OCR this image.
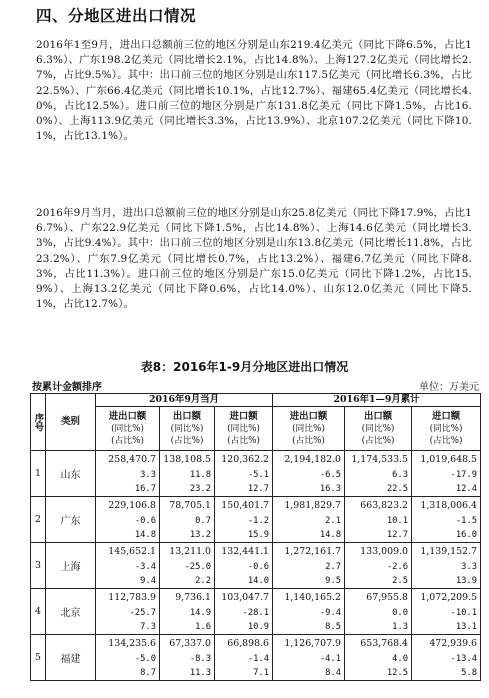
四、分地区进出口情况
2016年1至9月，进出口总额前三位的地区分别是山东219.4亿美元（同比下降6.5%，占比16.3%）、广东198.2亿美元（同比增长2.1%，占比14.8%）、上海127.2亿美元（同比增长2.7%，占比9.5%）。其中：出口前三位的地区分别是山东117.5亿美元（同比增长6.3%，占比22.5%）、广东66.4亿美元（同比增长10.1%，占比12.7%）、福建65.4亿美元（同比增长4.0%，占比12.5%）。进口前三位的地区分别是广东131.8亿美元（同比下降1.5%，占比16.0%）、上海113.9亿美元（同比增长3.3%，占比13.9%）、北京107.2亿美元（同比下降10.1%，占比13.1%）。
2016年9月当月，进出口总额前三位的地区分别是山东25.8亿美元（同比下降17.9%，占比16.7%）、广东22.9亿美元（同比下降1.5%，占比14.8%）、上海14.6亿美元（同比增长3.3%，占比9.4%）。其中：出口前三位的地区分别是山东13.8亿美元（同比增长11.8%，占比23.2%）、广东7.9亿美元（同比增长0.7%，占比13.2%）、福建6.7亿美元（同比下降8.3%，占比11.3%）。进口前三位的地区分别是广东15.0亿美元（同比下降1.2%，占比15.9%）、上海13.2亿美元（同比下降0.6%，占比14.0%）、山东12.0亿美元（同比下降5.1%，占比12.7%）。
表8：2016年1-9月分地区进出口情况
按累计金额排序	单位：万美元
序号	类别	2016年9月当月			2016年1—9月累计		

		进出口额
(同比%)
(占比%)	出口额
(同比%)
(占比%)	进口额
(同比%)
(占比%)	进出口额
(同比%)
(占比%)	出口额
(同比%)
(占比%)	进口额
(同比%)
(占比%)

1	山东	258,470.7
3.3
16.7	138,108.5
11.8
23.2	120,362.2
-5.1
12.7	2,194,182.0
-6.5
16.3	1,174,533.5
6.3
22.5	1,019,648.5
-17.9
12.4

2	广东	229,106.8
-0.6
14.8	78,705.1
0.7
13.2	150,401.7
-1.2
15.9	1,981,829.7
2.1
14.8	663,823.2
10.1
12.7	1,318,006.4
-1.5
16.0

3	上海	145,652.1
-3.4
9.4	13,211.0
-25.0
2.2	132,441.1
-0.6
14.0	1,272,161.7
2.7
9.5	133,009.0
-2.6
2.5	1,139,152.7
3.3
13.9

4	北京	112,783.9
-25.7
7.3	9,736.1
14.9
1.6	103,047.7
-28.1
10.9	1,140,165.2
-9.4
8.5	67,955.8
0.0
1.3	1,072,209.5
-10.1
13.1

5	福建	134,235.6
-5.0
8.7	67,337.0
-8.3
11.3	66,898.6
-1.4
7.1	1,126,707.9
-4.1
8.4	653,768.4
4.0
12.5	472,939.6
-13.4
5.8
